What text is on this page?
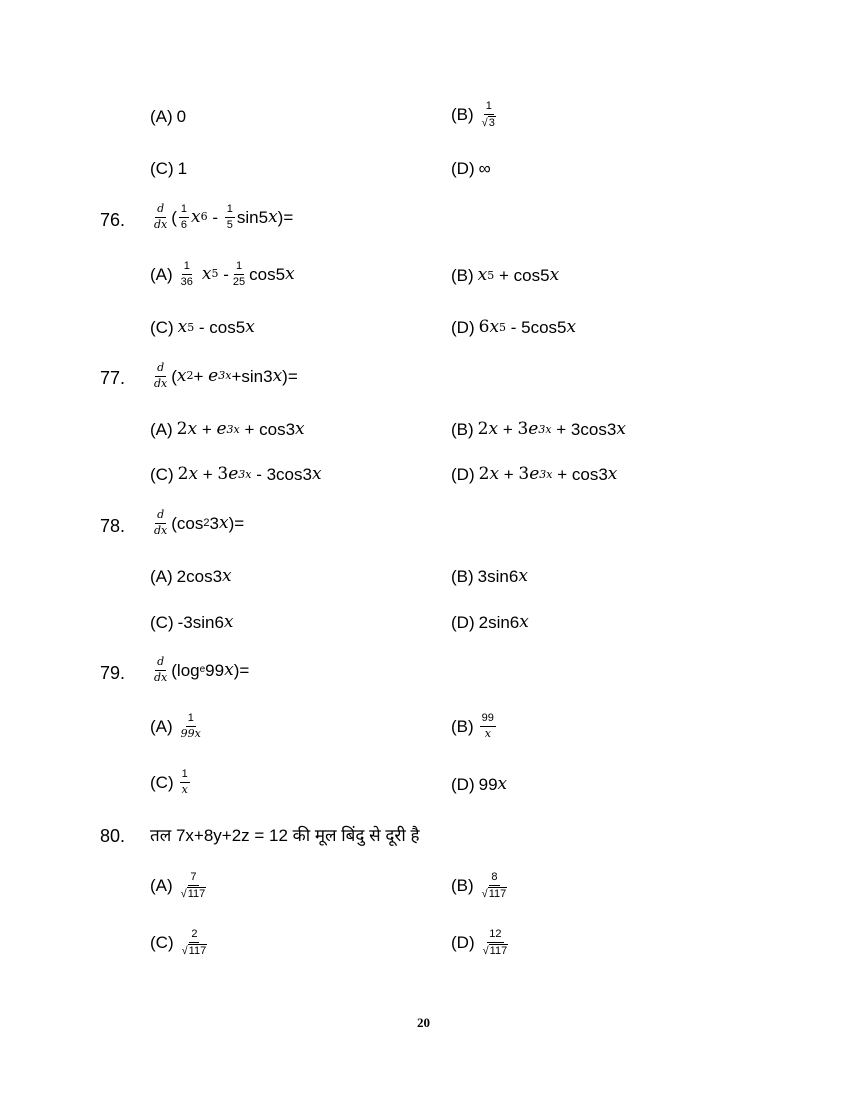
(A) 0	$(B) \frac{1}{√ 3}$
(C) 1	(D) ∞
76. $\frac{d}{dx}$ ( $\frac{1}{6}$ x $6 - \frac{1}{5} \sin 5$ x )=
$(A) \frac{1}{36}$ x $5 - \frac{1}{25} \cos 5$ x	(B) x 5 + cos5 x
(C) x 5 - cos5 x	(D) 6 x 5 - 5cos5 x
77. $\frac{d}{dx}$ ( x 2 + e 3x +sin3 x )=
(A) 2 x + e 3x + cos3 x	(B) 2 x + 3 e 3x + 3cos3 x
(C) 2 x + 3 e 3x - 3cos3 x	(D) 2 x + 3 e 3x + cos3 x
78. $\frac{d}{dx} (\cos$ 2 3 x )=
(A) 2cos3 x	(B) 3sin6 x
(C) -3sin6 x	(D) 2sin6 x
79. $\frac{d}{dx} (\log$ e 99 x )=
$(A) \frac{1}{99x}$	$(B) \frac{99}{x}$
$(C) \frac{1}{x}$	(D) 99 x
80. तल 7x+8y+2z = 12 की मूल बिंदु से दूरी है
$(A) \frac{7}{√ 117}$	$(B) \frac{8}{√ 117}$
$(C) \frac{2}{√ 117}$	$(D) \frac{12}{√ 117}$
20
